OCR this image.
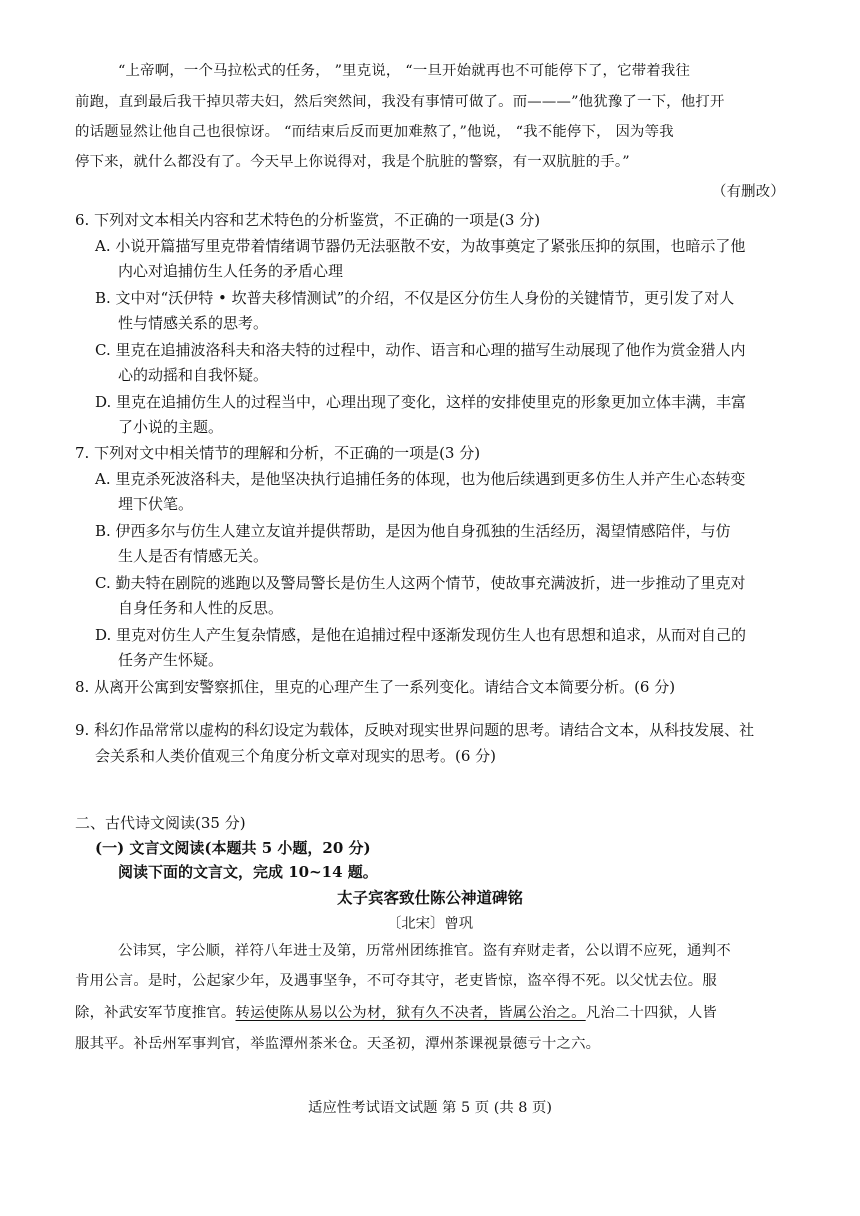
“上帝啊，一个马拉松式的任务， ”里克说， “一旦开始就再也不可能停下了，它带着我往
前跑，直到最后我干掉贝蒂夫妇，然后突然间，我没有事情可做了。而———”他犹豫了一下，他打开
的话题显然让他自己也很惊讶。 “而结束后反而更加难熬了，”他说， “我不能停下， 因为等我
停下来，就什么都没有了。今天早上你说得对，我是个肮脏的警察，有一双肮脏的手。”
（有删改）
6. 下列对文本相关内容和艺术特色的分析鉴赏，不正确的一项是(3 分)
A. 小说开篇描写里克带着情绪调节器仍无法驱散不安，为故事奠定了紧张压抑的氛围，也暗示了他
内心对追捕仿生人任务的矛盾心理
B. 文中对“沃伊特 • 坎普夫移情测试”的介绍，不仅是区分仿生人身份的关键情节，更引发了对人
性与情感关系的思考。
C. 里克在追捕波洛科夫和洛夫特的过程中，动作、语言和心理的描写生动展现了他作为赏金猎人内
心的动摇和自我怀疑。
D. 里克在追捕仿生人的过程当中，心理出现了变化，这样的安排使里克的形象更加立体丰满，丰富
了小说的主题。
7. 下列对文中相关情节的理解和分析，不正确的一项是(3 分)
A. 里克杀死波洛科夫，是他坚决执行追捕任务的体现，也为他后续遇到更多仿生人并产生心态转变
埋下伏笔。
B. 伊西多尔与仿生人建立友谊并提供帮助，是因为他自身孤独的生活经历，渴望情感陪伴，与仿
生人是否有情感无关。
C. 勤夫特在剧院的逃跑以及警局警长是仿生人这两个情节，使故事充满波折，进一步推动了里克对
自身任务和人性的反思。
D. 里克对仿生人产生复杂情感，是他在追捕过程中逐渐发现仿生人也有思想和追求，从而对自己的
任务产生怀疑。
8. 从离开公寓到安警察抓住，里克的心理产生了一系列变化。请结合文本简要分析。(6 分)
9. 科幻作品常常以虚构的科幻设定为载体，反映对现实世界问题的思考。请结合文本，从科技发展、社
会关系和人类价值观三个角度分析文章对现实的思考。(6 分)
二、古代诗文阅读(35 分)
(一) 文言文阅读(本题共 5 小题，20 分)
阅读下面的文言文，完成 10~14 题。
太子宾客致仕陈公神道碑铭
〔北宋〕曾巩
公讳冥，字公顺，祥符八年进士及第，历常州团练推官。盗有弃财走者，公以谓不应死，通判不
肯用公言。是时，公起家少年，及遇事坚争，不可夺其守，老吏皆惊，盗卒得不死。以父忧去位。服
除，补武安军节度推官。转运使陈从易以公为材，狱有久不决者，皆属公治之。凡治二十四狱，人皆
服其平。补岳州军事判官，举监潭州茶米仓。天圣初，潭州茶课视景德亏十之六。
适应性考试语文试题 第 5 页 (共 8 页)
